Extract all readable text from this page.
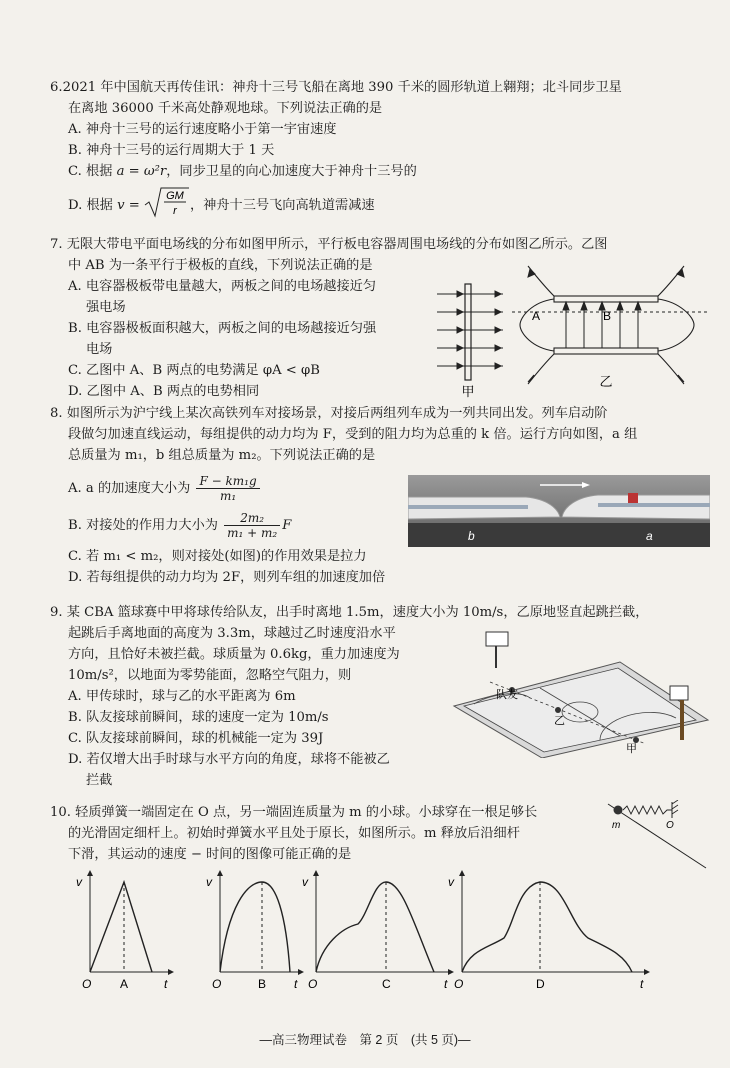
6.2021 年中国航天再传佳讯：神舟十三号飞船在离地 390 千米的圆形轨道上翱翔；北斗同步卫星
在离地 36000 千米高处静观地球。下列说法正确的是
A. 神舟十三号的运行速度略小于第一宇宙速度
B. 神舟十三号的运行周期大于 1 天
C. 根据 a = ω²r，同步卫星的向心加速度大于神舟十三号的
D. 根据 v =
GM
r ，神舟十三号飞向高轨道需减速
7. 无限大带电平面电场线的分布如图甲所示，平行板电容器周围电场线的分布如图乙所示。乙图
中 AB 为一条平行于极板的直线，下列说法正确的是
A. 电容器极板带电量越大，两板之间的电场越接近匀
强电场
B. 电容器极板面积越大，两板之间的电场越接近匀强
电场
C. 乙图中 A、B 两点的电势满足 φA < φB
D. 乙图中 A、B 两点的电势相同	甲
A	B
乙
8. 如图所示为沪宁线上某次高铁列车对接场景，对接后两组列车成为一列共同出发。列车启动阶
段做匀加速直线运动，每组提供的动力均为 F，受到的阻力均为总重的 k 倍。运行方向如图，a 组
总质量为 m₁，b 组总质量为 m₂。下列说法正确的是
A. a 的加速度大小为 $\frac{\text{F − km₁g}}{\text{m₁}}$
B. 对接处的作用力大小为 $\frac{\text{2m₂}}{\text{m₁ + m₂}}$ F
C. 若 m₁ < m₂，则对接处(如图)的作用效果是拉力
D. 若每组提供的动力均为 2F，则列车组的加速度加倍
b	a
9. 某 CBA 篮球赛中甲将球传给队友，出手时离地 1.5m，速度大小为 10m/s，乙原地竖直起跳拦截，
起跳后手离地面的高度为 3.3m，球越过乙时速度沿水平
方向，且恰好未被拦截。球质量为 0.6kg，重力加速度为
10m/s²，以地面为零势能面，忽略空气阻力，则
A. 甲传球时，球与乙的水平距离为 6m
B. 队友接球前瞬间，球的速度一定为 10m/s
C. 队友接球前瞬间，球的机械能一定为 39J
D. 若仅增大出手时球与水平方向的角度，球将不能被乙
拦截
队友
乙
甲
10. 轻质弹簧一端固定在 O 点，另一端固连质量为 m 的小球。小球穿在一根足够长
的光滑固定细杆上。初始时弹簧水平且处于原长，如图所示。m 释放后沿细杆
下滑，其运动的速度 − 时间的图像可能正确的是
m	O
v
O A	t
v
O	B t
v
O	C	t
v
O	D	t
—高三物理试卷　第 2 页　(共 5 页)—
